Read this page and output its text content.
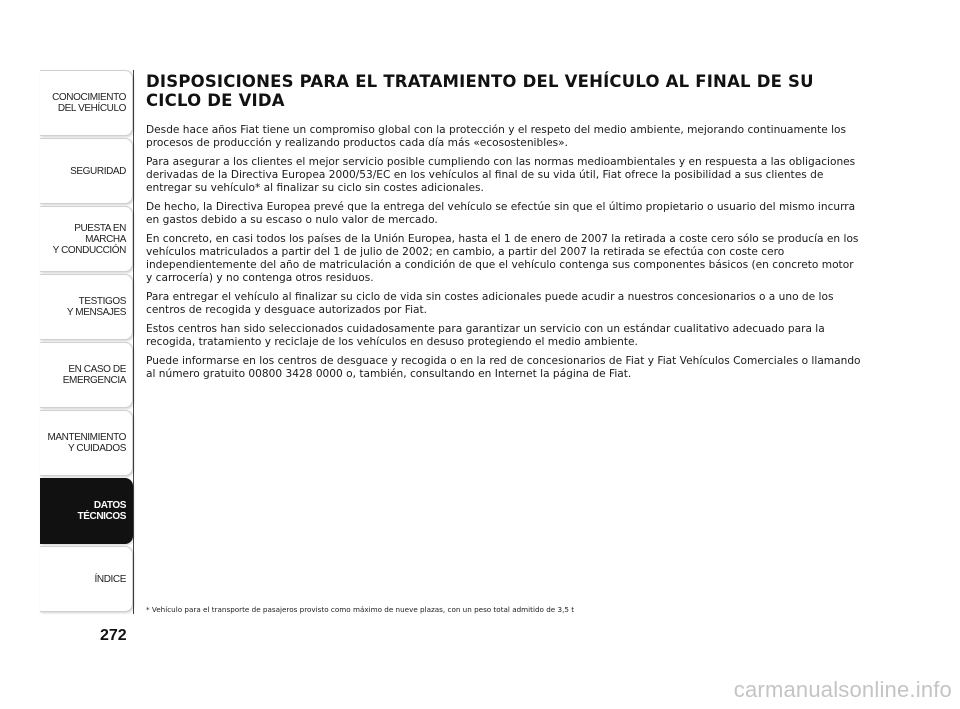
CONOCIMIENTO
DEL VEHÍCULO
SEGURIDAD
PUESTA EN
MARCHA
Y CONDUCCIÓN
TESTIGOS
Y MENSAJES
EN CASO DE
EMERGENCIA
MANTENIMIENTO
Y CUIDADOS
DATOS
TÉCNICOS
ÍNDICE
272
DISPOSICIONES PARA EL TRATAMIENTO DEL VEHÍCULO AL FINAL DE SU CICLO DE VIDA

Desde hace años Fiat tiene un compromiso global con la protección y el respeto del medio ambiente, mejorando continuamente los procesos de producción y realizando productos cada día más «ecosostenibles».

Para asegurar a los clientes el mejor servicio posible cumpliendo con las normas medioambientales y en respuesta a las obligaciones derivadas de la Directiva Europea 2000/53/EC en los vehículos al final de su vida útil, Fiat ofrece la posibilidad a sus clientes de entregar su vehículo* al finalizar su ciclo sin costes adicionales.

De hecho, la Directiva Europea prevé que la entrega del vehículo se efectúe sin que el último propietario o usuario del mismo incurra en gastos debido a su escaso o nulo valor de mercado.

En concreto, en casi todos los países de la Unión Europea, hasta el 1 de enero de 2007 la retirada a coste cero sólo se producía en los vehículos matriculados a partir del 1 de julio de 2002; en cambio, a partir del 2007 la retirada se efectúa con coste cero independientemente del año de matriculación a condición de que el vehículo contenga sus componentes básicos (en concreto motor y carrocería) y no contenga otros residuos.

Para entregar el vehículo al finalizar su ciclo de vida sin costes adicionales puede acudir a nuestros concesionarios o a uno de los centros de recogida y desguace autorizados por Fiat.

Estos centros han sido seleccionados cuidadosamente para garantizar un servicio con un estándar cualitativo adecuado para la recogida, tratamiento y reciclaje de los vehículos en desuso protegiendo el medio ambiente.

Puede informarse en los centros de desguace y recogida o en la red de concesionarios de Fiat y Fiat Vehículos Comerciales o llamando al número gratuito 00800 3428 0000 o, también, consultando en Internet la página de Fiat.

* Vehículo para el transporte de pasajeros provisto como máximo de nueve plazas, con un peso total admitido de 3,5 t
carmanualsonline.info
